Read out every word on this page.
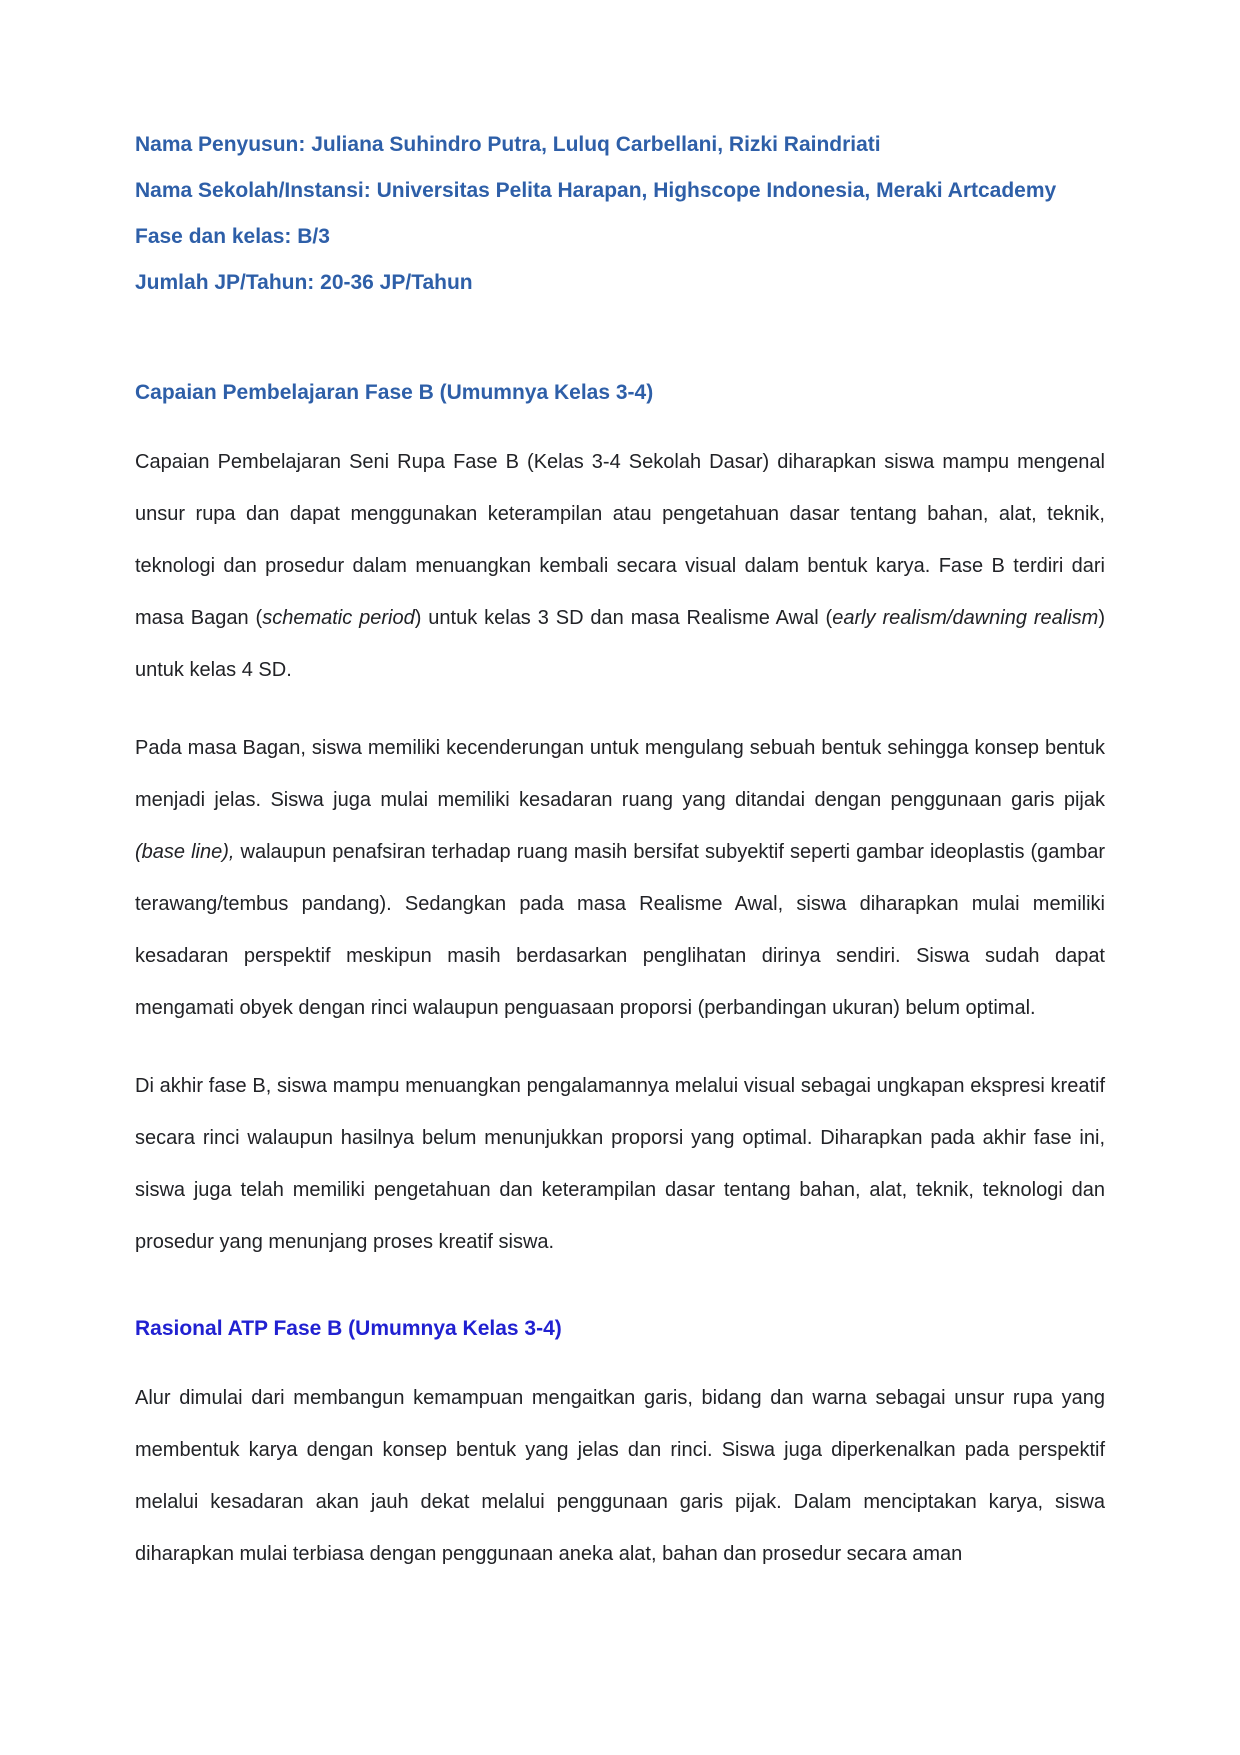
Nama Penyusun: Juliana Suhindro Putra, Luluq Carbellani, Rizki Raindriati

Nama Sekolah/Instansi: Universitas Pelita Harapan, Highscope Indonesia, Meraki Artcademy

Fase dan kelas: B/3

Jumlah JP/Tahun: 20-36 JP/Tahun

Capaian Pembelajaran Fase B (Umumnya Kelas 3-4)

Capaian Pembelajaran Seni Rupa Fase B (Kelas 3-4 Sekolah Dasar) diharapkan siswa mampu mengenal unsur rupa dan dapat menggunakan keterampilan atau pengetahuan dasar tentang bahan, alat, teknik, teknologi dan prosedur dalam menuangkan kembali secara visual dalam bentuk karya. Fase B terdiri dari masa Bagan (schematic period) untuk kelas 3 SD dan masa Realisme Awal (early realism/dawning realism) untuk kelas 4 SD.

Pada masa Bagan, siswa memiliki kecenderungan untuk mengulang sebuah bentuk sehingga konsep bentuk menjadi jelas. Siswa juga mulai memiliki kesadaran ruang yang ditandai dengan penggunaan garis pijak (base line), walaupun penafsiran terhadap ruang masih bersifat subyektif seperti gambar ideoplastis (gambar terawang/tembus pandang). Sedangkan pada masa Realisme Awal, siswa diharapkan mulai memiliki kesadaran perspektif meskipun masih berdasarkan penglihatan dirinya sendiri. Siswa sudah dapat mengamati obyek dengan rinci walaupun penguasaan proporsi (perbandingan ukuran) belum optimal.

Di akhir fase B, siswa mampu menuangkan pengalamannya melalui visual sebagai ungkapan ekspresi kreatif secara rinci walaupun hasilnya belum menunjukkan proporsi yang optimal. Diharapkan pada akhir fase ini, siswa juga telah memiliki pengetahuan dan keterampilan dasar tentang bahan, alat, teknik, teknologi dan prosedur yang menunjang proses kreatif siswa.

Rasional ATP Fase B (Umumnya Kelas 3-4)

Alur dimulai dari membangun kemampuan mengaitkan garis, bidang dan warna sebagai unsur rupa yang membentuk karya dengan konsep bentuk yang jelas dan rinci. Siswa juga diperkenalkan pada perspektif melalui kesadaran akan jauh dekat melalui penggunaan garis pijak. Dalam menciptakan karya, siswa diharapkan mulai terbiasa dengan penggunaan aneka alat, bahan dan prosedur secara aman
